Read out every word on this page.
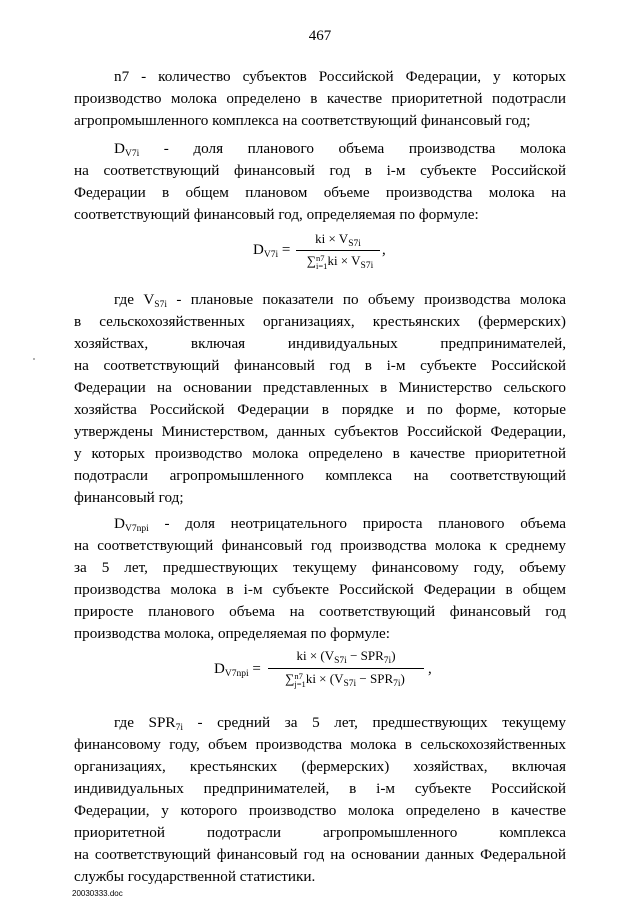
467
n7 - количество субъектов Российской Федерации, у которых
производство молока определено в качестве приоритетной подотрасли
агропромышленного комплекса на соответствующий финансовый год;
$D_{V7i}$ - доля планового объема производства молока
на соответствующий финансовый год в i-м субъекте Российской
Федерации в общем плановом объеме производства молока на
соответствующий финансовый год, определяемая по формуле:
$D_{V7i}$ =
ki × $V_{S7i}$
∑n7
$i=1ki \times V_{S7i}$
,
где $V_{S7i}$ - плановые показатели по объему производства молока
в сельскохозяйственных организациях, крестьянских (фермерских)
хозяйствах, включая индивидуальных предпринимателей,
на соответствующий финансовый год в i-м субъекте Российской
Федерации на основании представленных в Министерство сельского
хозяйства Российской Федерации в порядке и по форме, которые
утверждены Министерством, данных субъектов Российской Федерации,
у которых производство молока определено в качестве приоритетной
подотрасли агропромышленного комплекса на соответствующий
финансовый год;
$D_{V7npi}$ - доля неотрицательного прироста планового объема
на соответствующий финансовый год производства молока к среднему
за 5 лет, предшествующих текущему финансовому году, объему
производства молока в i-м субъекте Российской Федерации в общем
приросте планового объема на соответствующий финансовый год
производства молока, определяемая по формуле:
$D_{V7npi}$ =
ki × $(V_{S7i} - SPR_{7i})$
∑n7
$j=1ki \times (V_{S7i} - SPR_{7i})$
,
где $SPR_{7i}$ - средний за 5 лет, предшествующих текущему
финансовому году, объем производства молока в сельскохозяйственных
организациях, крестьянских (фермерских) хозяйствах, включая
индивидуальных предпринимателей, в i-м субъекте Российской
Федерации, у которого производство молока определено в качестве
приоритетной подотрасли агропромышленного комплекса
на соответствующий финансовый год на основании данных Федеральной
службы государственной статистики.
20030333.doc
